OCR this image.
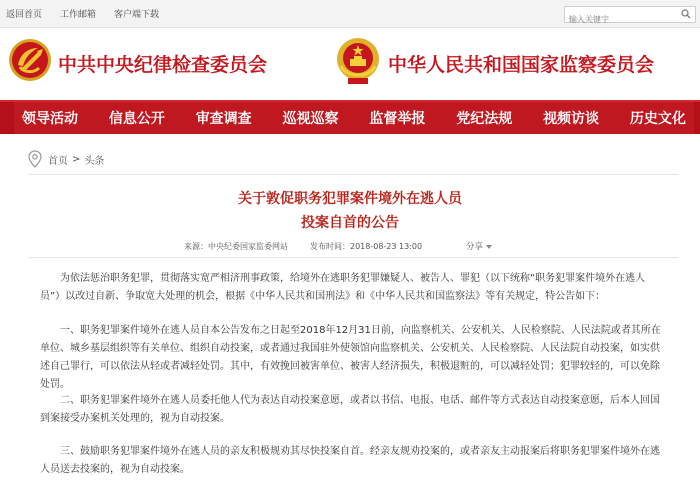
返回首页 工作邮箱 客户端下载
输入关键字
中共中央纪律检查委员会	中华人民共和国国家监察委员会
领导活动 信息公开 审查调查 巡视巡察 监督举报 党纪法规 视频访谈 历史文化
首页 > 头条
关于敦促职务犯罪案件境外在逃人员
投案自首的公告
来源：中央纪委国家监委网站	发布时间：2018-08-23 13:00	分享

为依法惩治职务犯罪，贯彻落实宽严相济刑事政策，给境外在逃职务犯罪嫌疑人、被告人、罪犯（以下统称“职务犯罪案件境外在逃人员”）以改过自新、争取宽大处理的机会，根据《中华人民共和国刑法》和《中华人民共和国监察法》等有关规定，特公告如下：

一、职务犯罪案件境外在逃人员自本公告发布之日起至2018年12月31日前，向监察机关、公安机关、人民检察院、人民法院或者其所在单位、城乡基层组织等有关单位、组织自动投案，或者通过我国驻外使领馆向监察机关、公安机关、人民检察院、人民法院自动投案，如实供述自己罪行，可以依法从轻或者减轻处罚。其中，有效挽回被害单位、被害人经济损失，积极退赃的，可以减轻处罚；犯罪较轻的，可以免除处罚。

二、职务犯罪案件境外在逃人员委托他人代为表达自动投案意愿，或者以书信、电报、电话、邮件等方式表达自动投案意愿，后本人回国到案接受办案机关处理的，视为自动投案。

三、鼓励职务犯罪案件境外在逃人员的亲友积极规劝其尽快投案自首。经亲友规劝投案的，或者亲友主动报案后将职务犯罪案件境外在逃人员送去投案的，视为自动投案。
